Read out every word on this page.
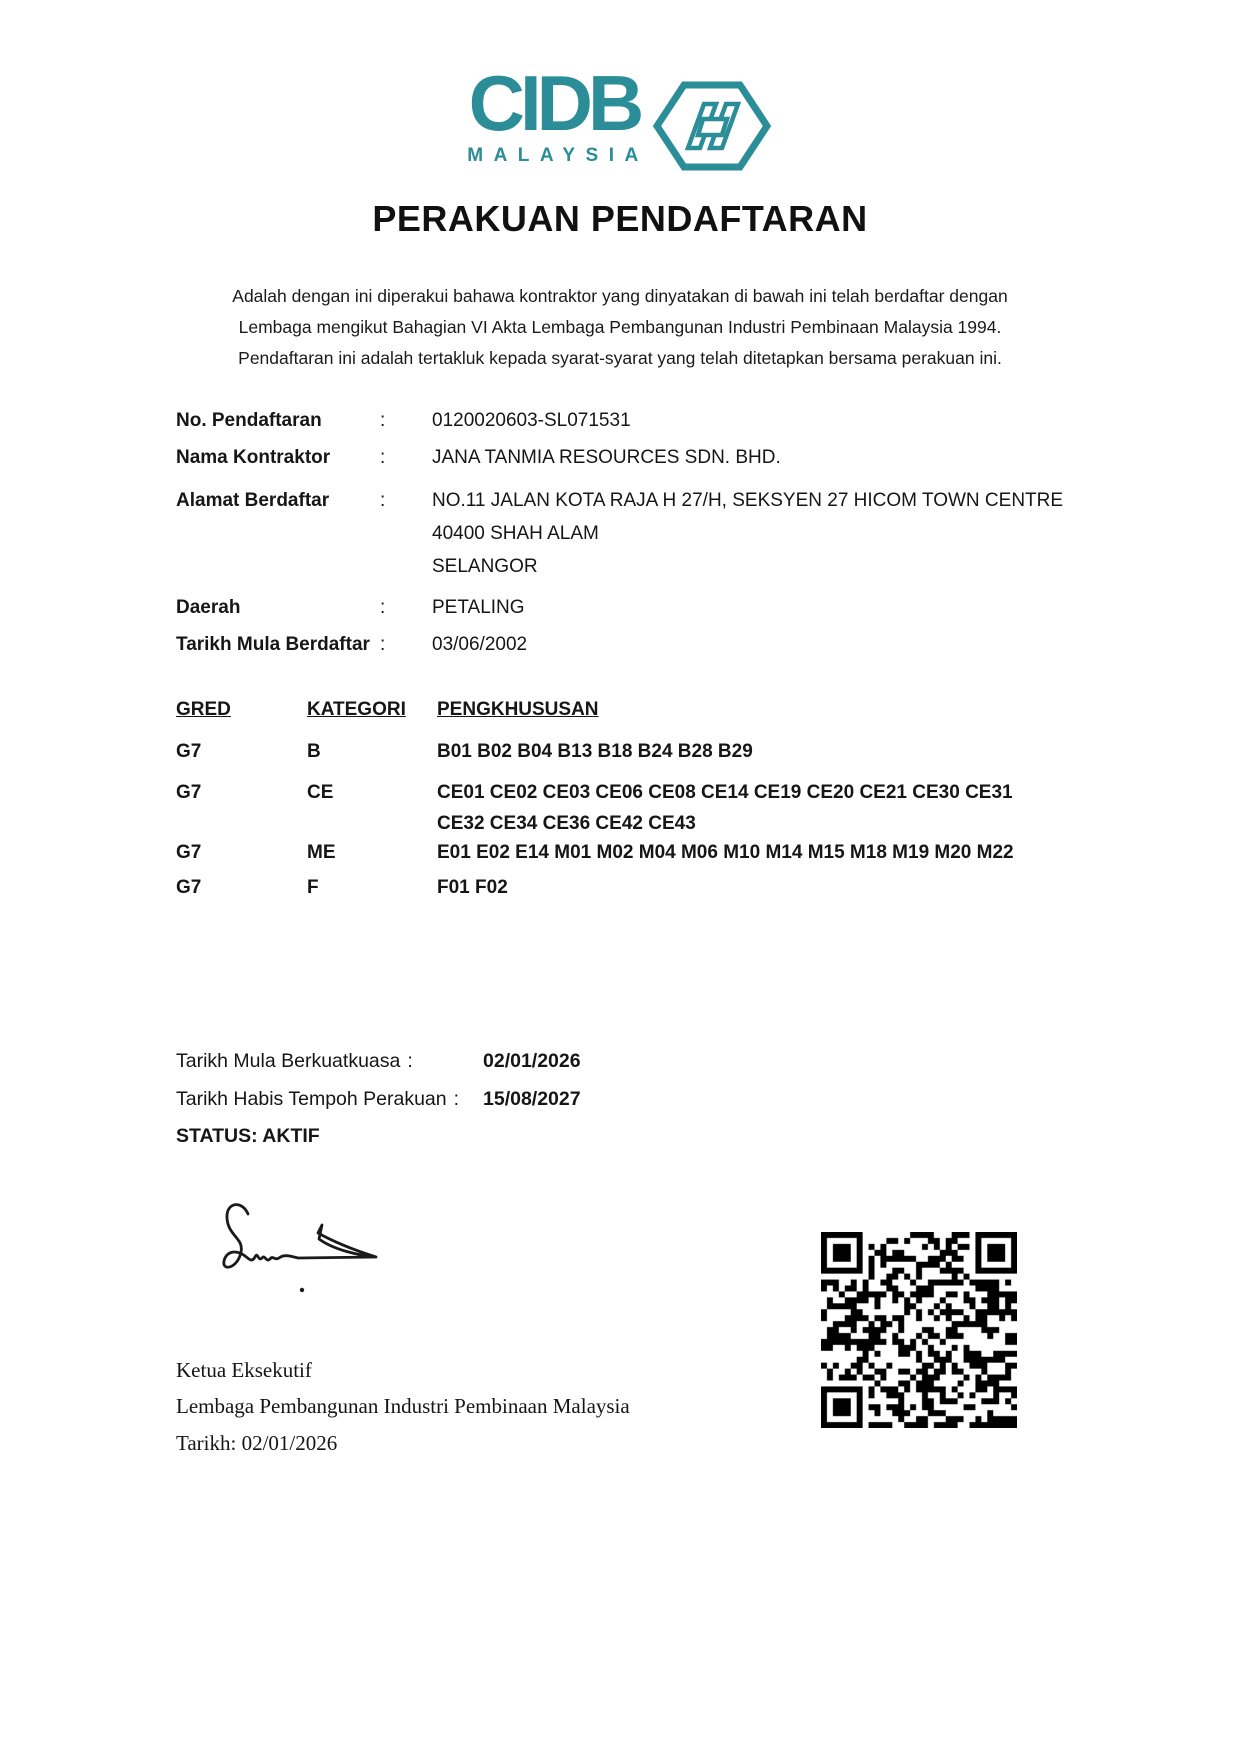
CIDB
MALAYSIA
PERAKUAN PENDAFTARAN
Adalah dengan ini diperakui bahawa kontraktor yang dinyatakan di bawah ini telah berdaftar dengan
Lembaga mengikut Bahagian VI Akta Lembaga Pembangunan Industri Pembinaan Malaysia 1994.
Pendaftaran ini adalah tertakluk kepada syarat-syarat yang telah ditetapkan bersama perakuan ini.
No. Pendaftaran	:	0120020603-SL071531
Nama Kontraktor	:	JANA TANMIA RESOURCES SDN. BHD.
Alamat Berdaftar	:	NO.11 JALAN KOTA RAJA H 27/H, SEKSYEN 27 HICOM TOWN CENTRE
40400 SHAH ALAM
SELANGOR
Daerah	:	PETALING
Tarikh Mula Berdaftar :	03/06/2002
GRED	KATEGORI	PENGKHUSUSAN
G7	B	B01 B02 B04 B13 B18 B24 B28 B29
G7	CE	CE01 CE02 CE03 CE06 CE08 CE14 CE19 CE20 CE21 CE30 CE31 CE32 CE34 CE36 CE42 CE43
G7	ME	E01 E02 E14 M01 M02 M04 M06 M10 M14 M15 M18 M19 M20 M22
G7	F	F01 F02
Tarikh Mula Berkuatkuasa :	02/01/2026
Tarikh Habis Tempoh Perakuan :	15/08/2027
STATUS: AKTIF
Ketua Eksekutif
Lembaga Pembangunan Industri Pembinaan Malaysia
Tarikh: 02/01/2026
